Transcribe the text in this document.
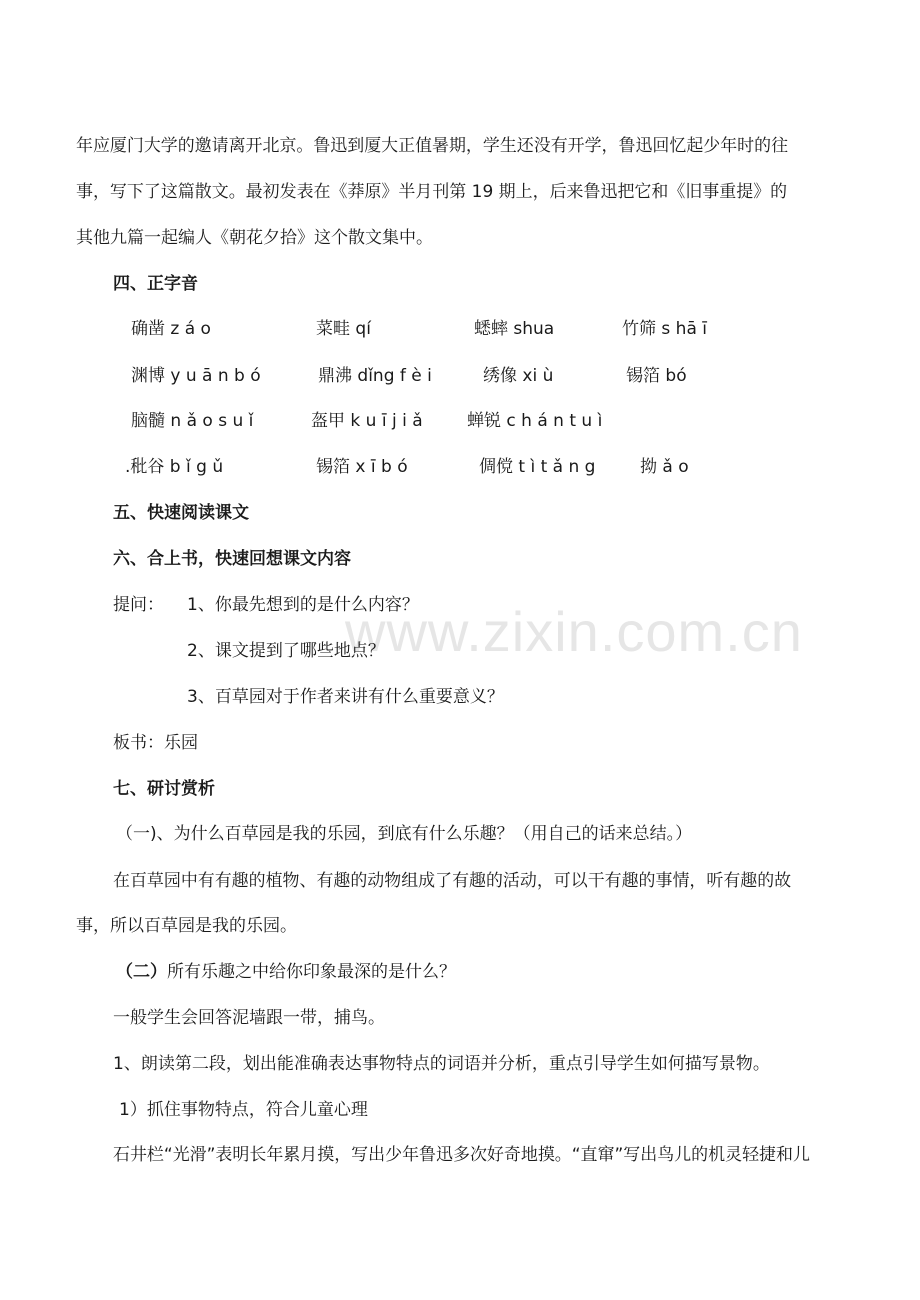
www.zixin.com.cn
年应厦门大学的邀请离开北京。鲁迅到厦大正值暑期，学生还没有开学，鲁迅回忆起少年时的往
事，写下了这篇散文。最初发表在《莽原》半月刊第 19 期上，后来鲁迅把它和《旧事重提》的
其他九篇一起编人《朝花夕拾》这个散文集中。
四、正字音
确凿 z á o	菜畦 qí	蟋蟀 shua	竹筛 s hā ī
渊博 y u ā n b ó	鼎沸 dǐng f è i	绣像 xi ù	锡箔 bó
脑髓 n ǎ o s u ǐ	盔甲 k u ī j i ǎ	蝉锐 c h á n t u ì
.秕谷 b ǐ g ǔ	锡箔 x ī b ó	倜傥 t ì t ǎ n g	拗 ǎ o
五、快速阅读课文
六、合上书，快速回想课文内容
提问： 1、你最先想到的是什么内容？
2、课文提到了哪些地点？
3、百草园对于作者来讲有什么重要意义？
板书：乐园
七、研讨赏析
（一)、为什么百草园是我的乐园，到底有什么乐趣？（用自己的话来总结。）
在百草园中有有趣的植物、有趣的动物组成了有趣的活动，可以干有趣的事情，听有趣的故
事，所以百草园是我的乐园。
（二）所有乐趣之中给你印象最深的是什么？
一般学生会回答泥墙跟一带，捕鸟。
1、朗读第二段，划出能准确表达事物特点的词语并分析，重点引导学生如何描写景物。
1）抓住事物特点，符合儿童心理
石井栏“光滑”表明长年累月摸，写出少年鲁迅多次好奇地摸。“直窜”写出鸟儿的机灵轻捷和儿
